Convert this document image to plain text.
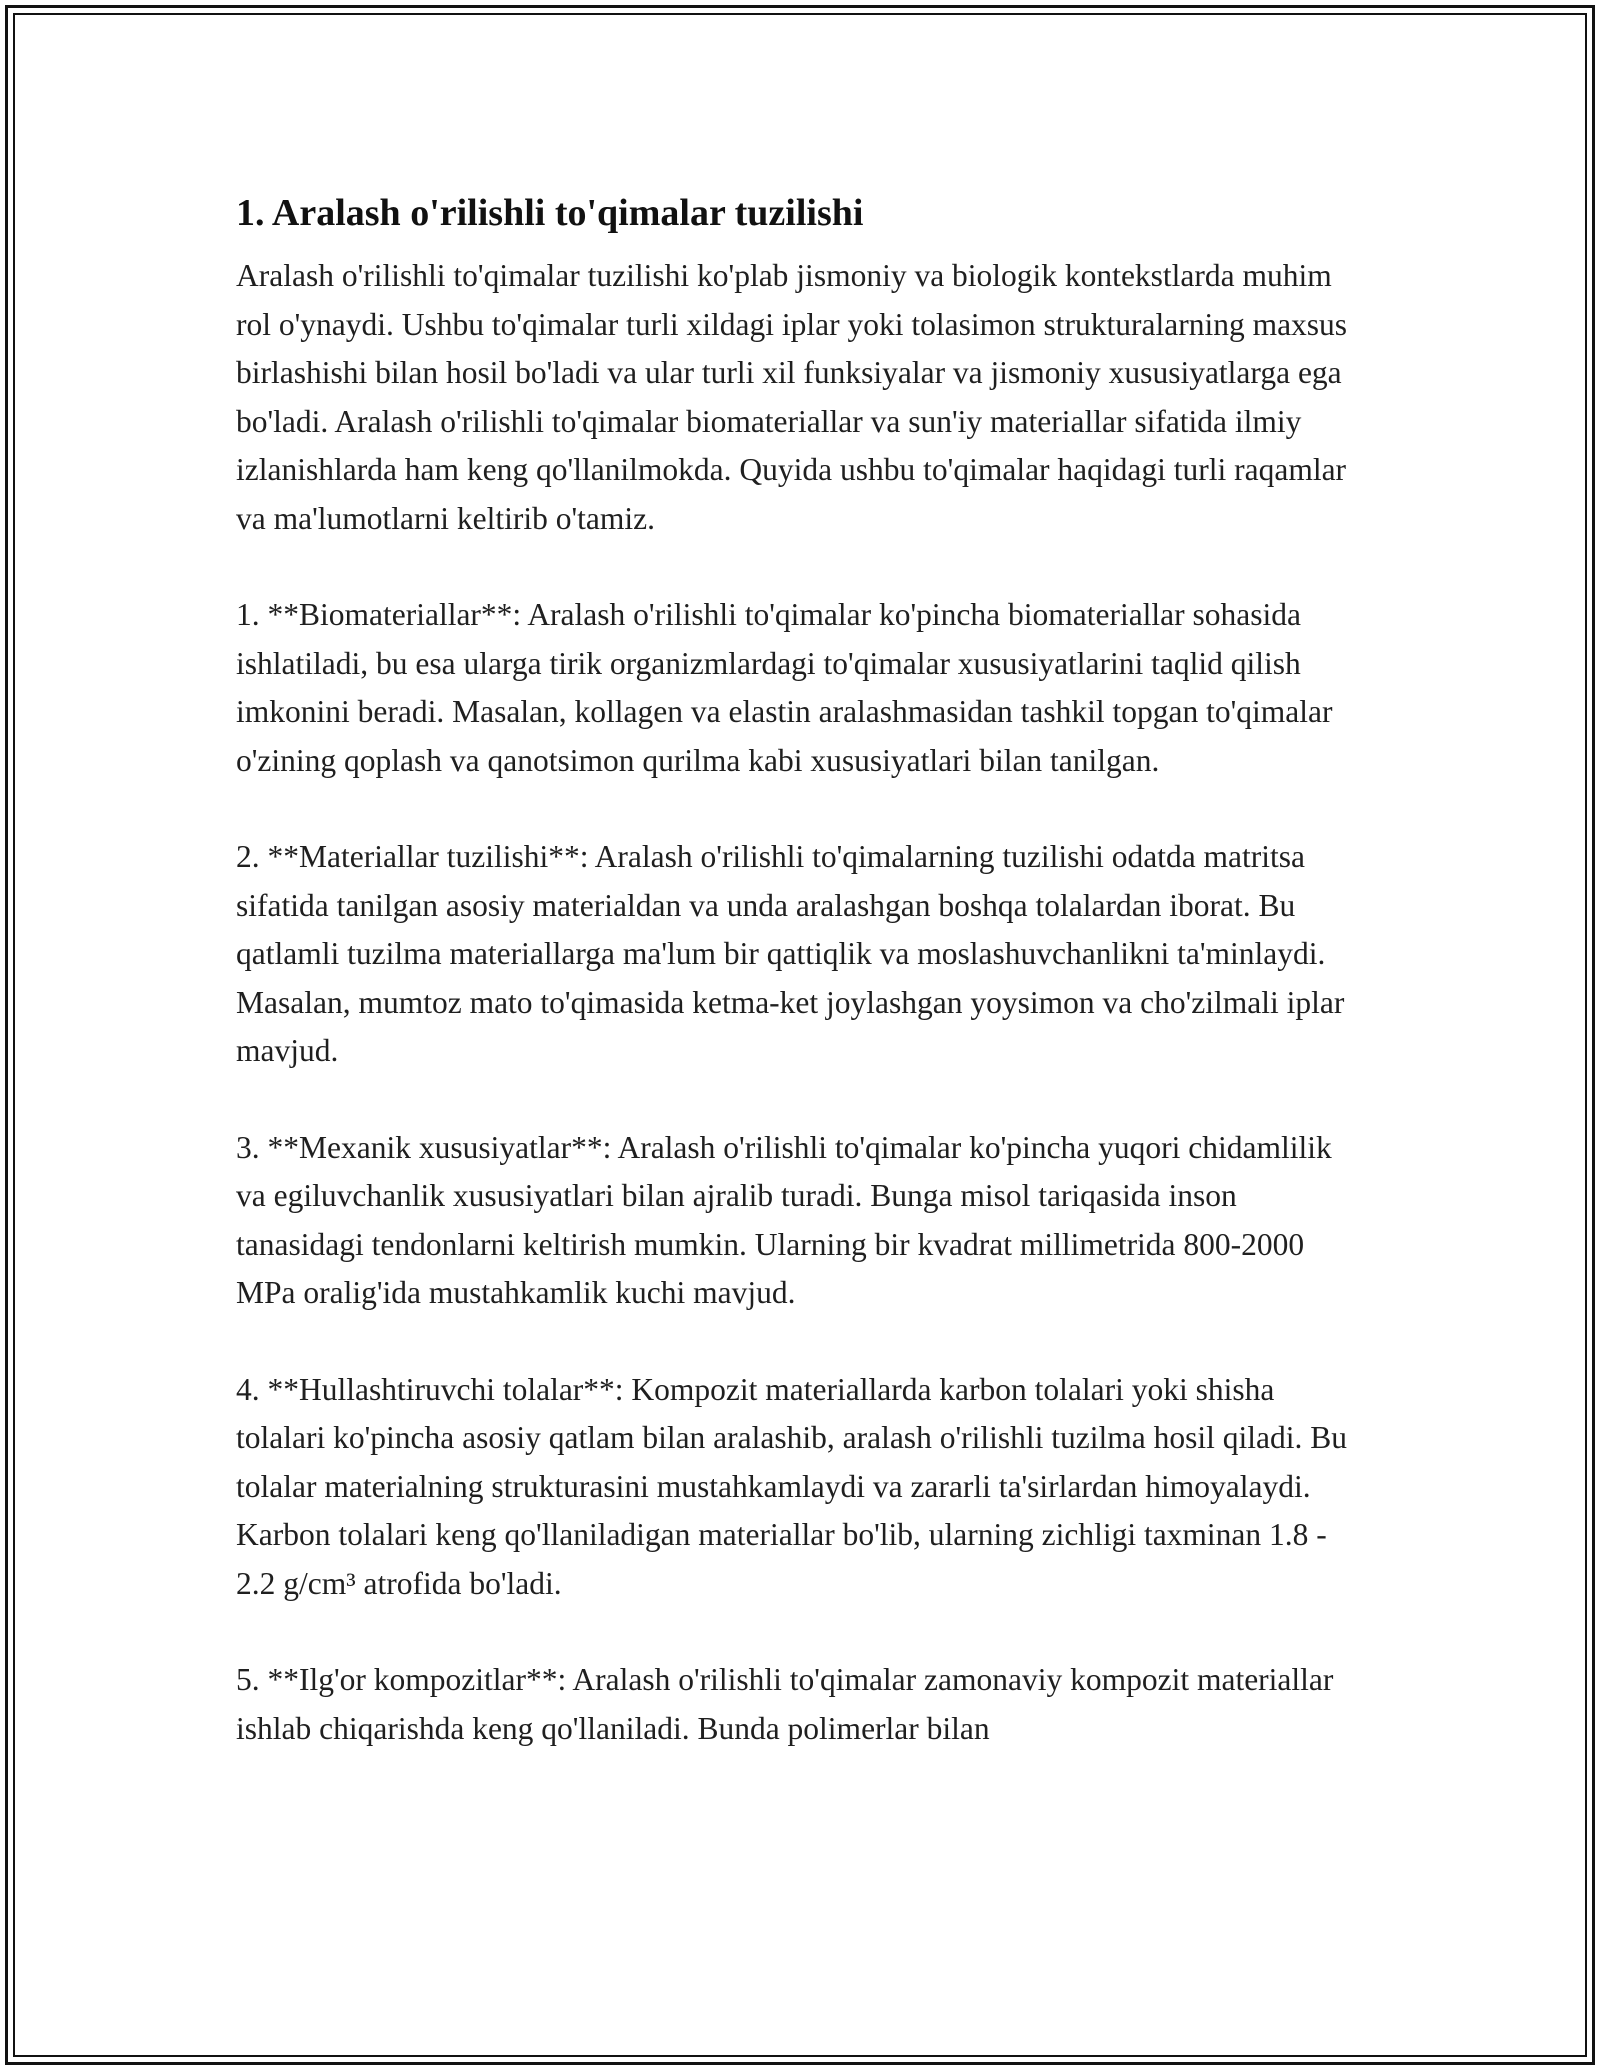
1. Aralash o'rilishli to'qimalar tuzilishi

Aralash o'rilishli to'qimalar tuzilishi ko'plab jismoniy va biologik kontekstlarda muhim rol o'ynaydi. Ushbu to'qimalar turli xildagi iplar yoki tolasimon strukturalarning maxsus birlashishi bilan hosil bo'ladi va ular turli xil funksiyalar va jismoniy xususiyatlarga ega bo'ladi. Aralash o'rilishli to'qimalar biomateriallar va sun'iy materiallar sifatida ilmiy izlanishlarda ham keng qo'llanilmokda. Quyida ushbu to'qimalar haqidagi turli raqamlar va ma'lumotlarni keltirib o'tamiz.

1. **Biomateriallar**: Aralash o'rilishli to'qimalar ko'pincha biomateriallar sohasida ishlatiladi, bu esa ularga tirik organizmlardagi to'qimalar xususiyatlarini taqlid qilish imkonini beradi. Masalan, kollagen va elastin aralashmasidan tashkil topgan to'qimalar o'zining qoplash va qanotsimon qurilma kabi xususiyatlari bilan tanilgan.

2. **Materiallar tuzilishi**: Aralash o'rilishli to'qimalarning tuzilishi odatda matritsa sifatida tanilgan asosiy materialdan va unda aralashgan boshqa tolalardan iborat. Bu qatlamli tuzilma materiallarga ma'lum bir qattiqlik va moslashuvchanlikni ta'minlaydi. Masalan, mumtoz mato to'qimasida ketma-ket joylashgan yoysimon va cho'zilmali iplar mavjud.

3. **Mexanik xususiyatlar**: Aralash o'rilishli to'qimalar ko'pincha yuqori chidamlilik va egiluvchanlik xususiyatlari bilan ajralib turadi. Bunga misol tariqasida inson tanasidagi tendonlarni keltirish mumkin. Ularning bir kvadrat millimetrida 800-2000 MPa oralig'ida mustahkamlik kuchi mavjud.

4. **Hullashtiruvchi tolalar**: Kompozit materiallarda karbon tolalari yoki shisha tolalari ko'pincha asosiy qatlam bilan aralashib, aralash o'rilishli tuzilma hosil qiladi. Bu tolalar materialning strukturasini mustahkamlaydi va zararli ta'sirlardan himoyalaydi. Karbon tolalari keng qo'llaniladigan materiallar bo'lib, ularning zichligi taxminan 1.8 - 2.2 g/cm³ atrofida bo'ladi.

5. **Ilg'or kompozitlar**: Aralash o'rilishli to'qimalar zamonaviy kompozit materiallar ishlab chiqarishda keng qo'llaniladi. Bunda polimerlar bilan
